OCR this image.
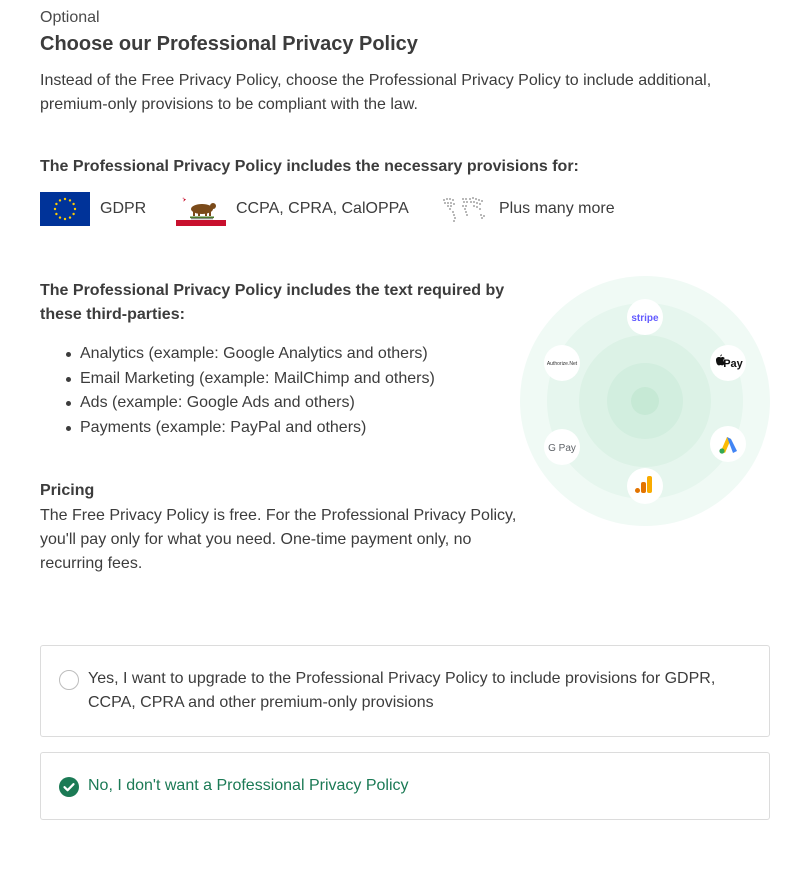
Optional
Choose our Professional Privacy Policy

Instead of the Free Privacy Policy, choose the Professional Privacy Policy to include additional, premium-only provisions to be compliant with the law.

The Professional Privacy Policy includes the necessary provisions for:
GDPR	CCPA, CPRA, CalOPPA	Plus many more
The Professional Privacy Policy includes the text required by these third-parties:
Analytics (example: Google Analytics and others)
Email Marketing (example: MailChimp and others)
Ads (example: Google Ads and others)
Payments (example: PayPal and others)
stripe
Pay
G Pay
Authorize.Net
Pricing

The Free Privacy Policy is free. For the Professional Privacy Policy, you'll pay only for what you need. One-time payment only, no recurring fees.

Yes, I want to upgrade to the Professional Privacy Policy to include provisions for GDPR, CCPA, CPRA and other premium-only provisions
No, I don't want a Professional Privacy Policy
